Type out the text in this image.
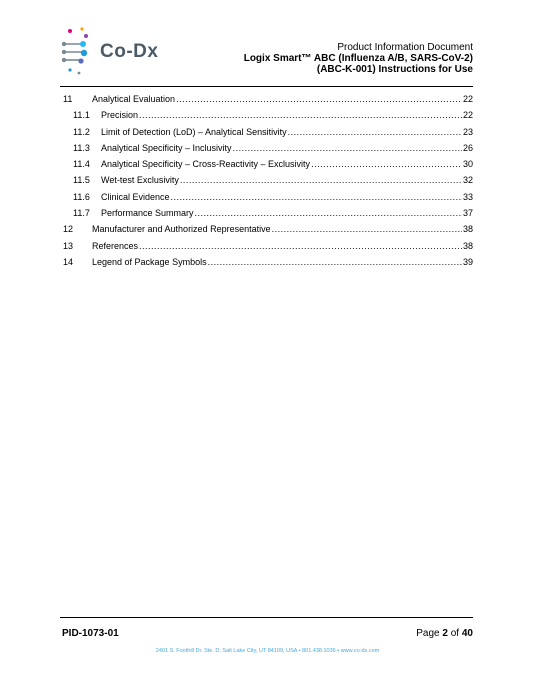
Co-Dx	Product Information Document
Logix Smart™ ABC (Influenza A/B, SARS-CoV-2)
(ABC-K-001) Instructions for Use
11	Analytical Evaluation .....	22
11.1	Precision .....	22
11.2	Limit of Detection (LoD) – Analytical Sensitivity .....	23
11.3	Analytical Specificity – Inclusivity .....	26
11.4	Analytical Specificity – Cross-Reactivity – Exclusivity .....	30
11.5	Wet-test Exclusivity .....	32
11.6	Clinical Evidence .....	33
11.7	Performance Summary .....	37
12	Manufacturer and Authorized Representative .....	38
13	References .....	38
14	Legend of Package Symbols .....	39
PID-1073-01	Page 2 of 40
2401 S. Foothill Dr. Ste. D, Salt Lake City, UT 84109, USA • 801.438.1036 • www.co-dx.com
